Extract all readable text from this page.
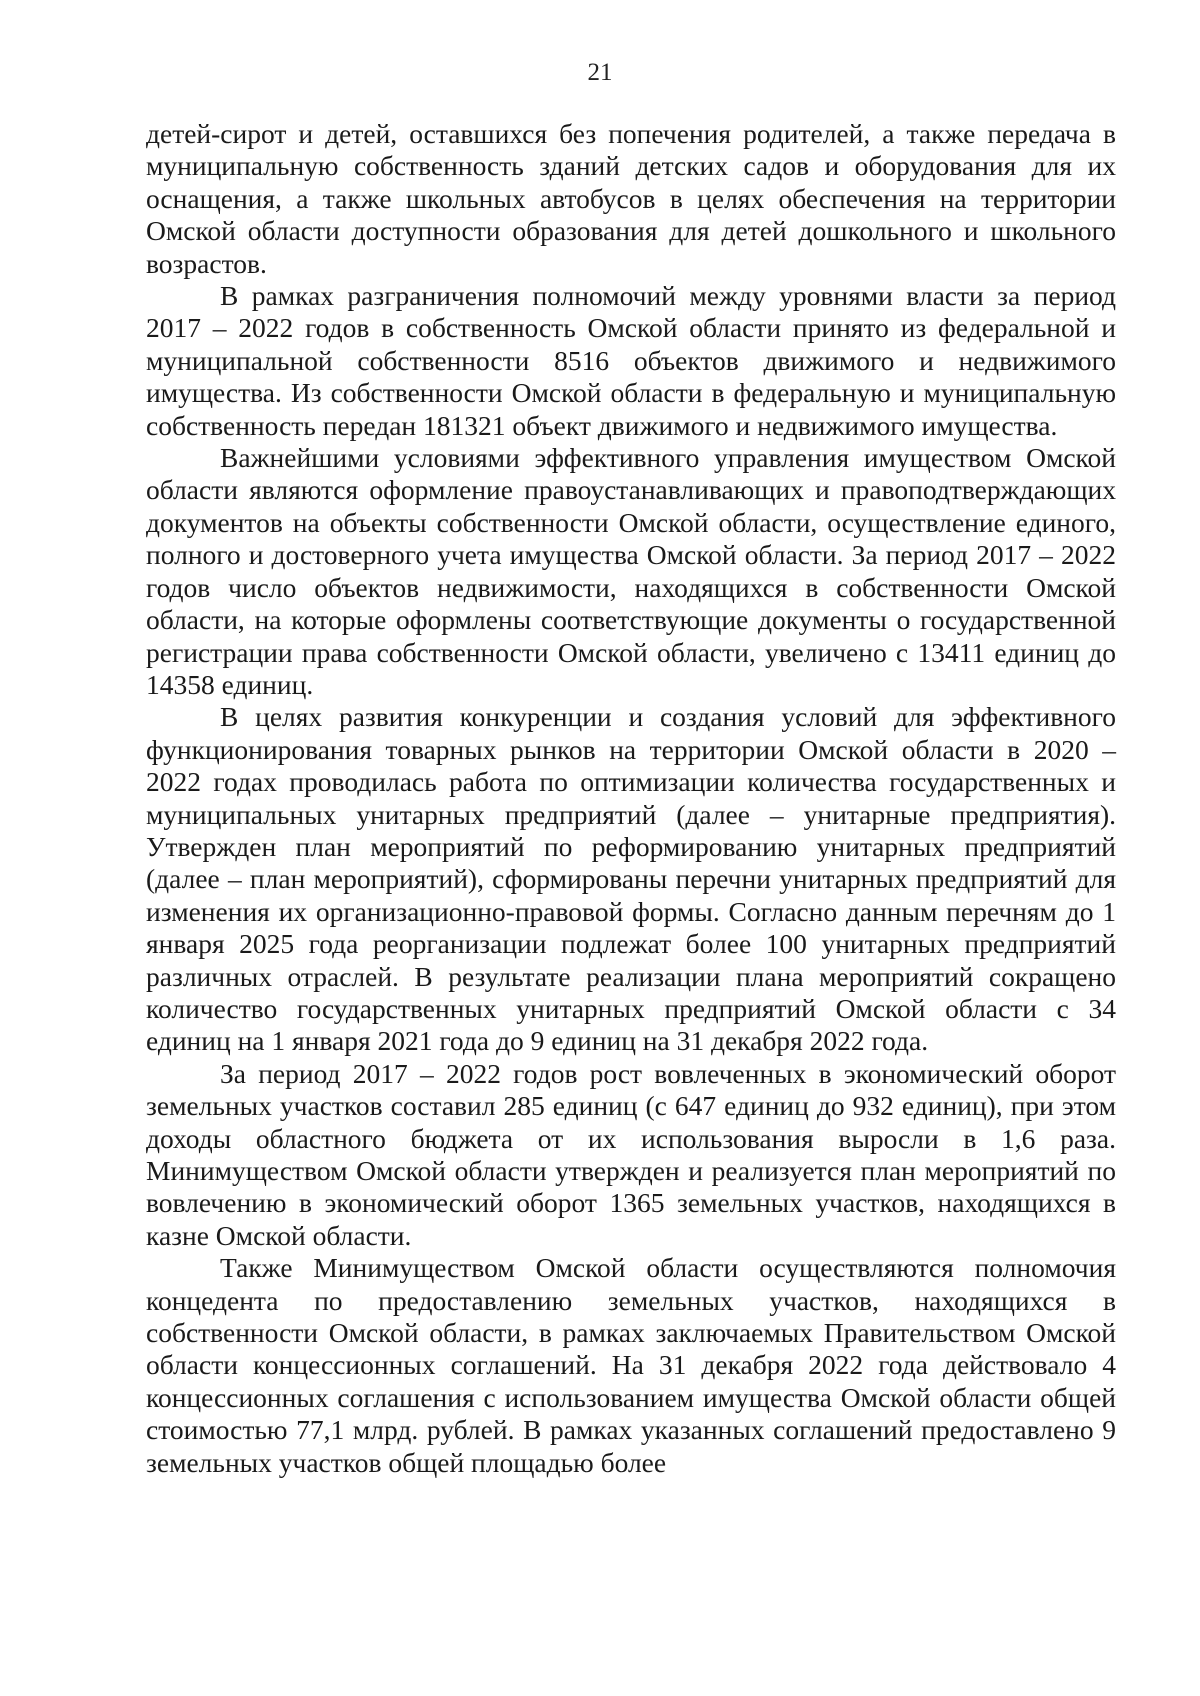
21

детей-сирот и детей, оставшихся без попечения родителей, а также передача в муниципальную собственность зданий детских садов и оборудования для их оснащения, а также школьных автобусов в целях обеспечения на территории Омской области доступности образования для детей дошкольного и школьного возрастов.

В рамках разграничения полномочий между уровнями власти за период 2017 – 2022 годов в собственность Омской области принято из федеральной и муниципальной собственности 8516 объектов движимого и недвижимого имущества. Из собственности Омской области в федеральную и муниципальную собственность передан 181321 объект движимого и недвижимого имущества.

Важнейшими условиями эффективного управления имуществом Омской области являются оформление правоустанавливающих и правоподтверждающих документов на объекты собственности Омской области, осуществление единого, полного и достоверного учета имущества Омской области. За период 2017 – 2022 годов число объектов недвижимости, находящихся в собственности Омской области, на которые оформлены соответствующие документы о государственной регистрации права собственности Омской области, увеличено с 13411 единиц до 14358 единиц.

В целях развития конкуренции и создания условий для эффективного функционирования товарных рынков на территории Омской области в 2020 – 2022 годах проводилась работа по оптимизации количества государственных и муниципальных унитарных предприятий (далее – унитарные предприятия). Утвержден план мероприятий по реформированию унитарных предприятий (далее – план мероприятий), сформированы перечни унитарных предприятий для изменения их организационно-правовой формы. Согласно данным перечням до 1 января 2025 года реорганизации подлежат более 100 унитарных предприятий различных отраслей. В результате реализации плана мероприятий сокращено количество государственных унитарных предприятий Омской области с 34 единиц на 1 января 2021 года до 9 единиц на 31 декабря 2022 года.

За период 2017 – 2022 годов рост вовлеченных в экономический оборот земельных участков составил 285 единиц (с 647 единиц до 932 единиц), при этом доходы областного бюджета от их использования выросли в 1,6 раза. Минимуществом Омской области утвержден и реализуется план мероприятий по вовлечению в экономический оборот 1365 земельных участков, находящихся в казне Омской области.

Также Минимуществом Омской области осуществляются полномочия концедента по предоставлению земельных участков, находящихся в собственности Омской области, в рамках заключаемых Правительством Омской области концессионных соглашений. На 31 декабря 2022 года действовало 4 концессионных соглашения с использованием имущества Омской области общей стоимостью 77,1 млрд. рублей. В рамках указанных соглашений предоставлено 9 земельных участков общей площадью более
